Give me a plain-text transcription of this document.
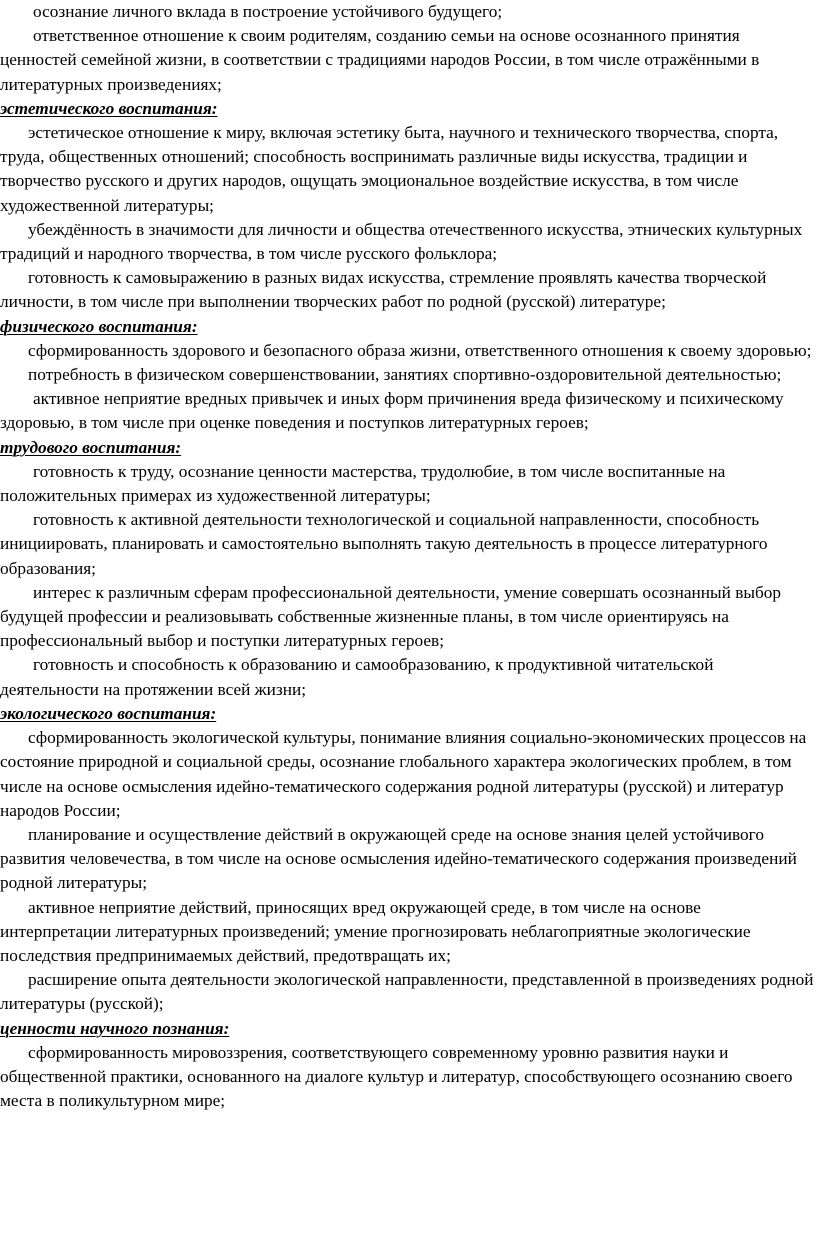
осознание личного вклада в построение устойчивого будущего;

ответственное отношение к своим родителям, созданию семьи на основе осознанного принятия ценностей семейной жизни, в соответствии с традициями народов России, в том числе отражёнными в литературных произведениях;

эстетического воспитания:

эстетическое отношение к миру, включая эстетику быта, научного и технического творчества, спорта, труда, общественных отношений; способность воспринимать различные виды искусства, традиции и творчество русского и других народов, ощущать эмоциональное воздействие искусства, в том числе художественной литературы;

убеждённость в значимости для личности и общества отечественного искусства, этнических культурных традиций и народного творчества, в том числе русского фольклора;

готовность к самовыражению в разных видах искусства, стремление проявлять качества творческой личности, в том числе при выполнении творческих работ по родной (русской) литературе;

физического воспитания:

сформированность здорового и безопасного образа жизни, ответственного отношения к своему здоровью;

потребность в физическом совершенствовании, занятиях спортивно-оздоровительной деятельностью;

активное неприятие вредных привычек и иных форм причинения вреда физическому и психическому здоровью, в том числе при оценке поведения и поступков литературных героев;

трудового воспитания:

готовность к труду, осознание ценности мастерства, трудолюбие, в том числе воспитанные на положительных примерах из художественной литературы;

готовность к активной деятельности технологической и социальной направленности, способность инициировать, планировать и самостоятельно выполнять такую деятельность в процессе литературного образования;

интерес к различным сферам профессиональной деятельности, умение совершать осознанный выбор будущей профессии и реализовывать собственные жизненные планы, в том числе ориентируясь на профессиональный выбор и поступки литературных героев;

готовность и способность к образованию и самообразованию, к продуктивной читательской деятельности на протяжении всей жизни;

экологического воспитания:

сформированность экологической культуры, понимание влияния социально-экономических процессов на состояние природной и социальной среды, осознание глобального характера экологических проблем, в том числе на основе осмысления идейно-тематического содержания родной литературы (русской) и литератур народов России;

планирование и осуществление действий в окружающей среде на основе знания целей устойчивого развития человечества, в том числе на основе осмысления идейно-тематического содержания произведений родной литературы;

активное неприятие действий, приносящих вред окружающей среде, в том числе на основе интерпретации литературных произведений; умение прогнозировать неблагоприятные экологические последствия предпринимаемых действий, предотвращать их;

расширение опыта деятельности экологической направленности, представленной в произведениях родной литературы (русской);

ценности научного познания:

сформированность мировоззрения, соответствующего современному уровню развития науки и общественной практики, основанного на диалоге культур и литератур, способствующего осознанию своего места в поликультурном мире;
